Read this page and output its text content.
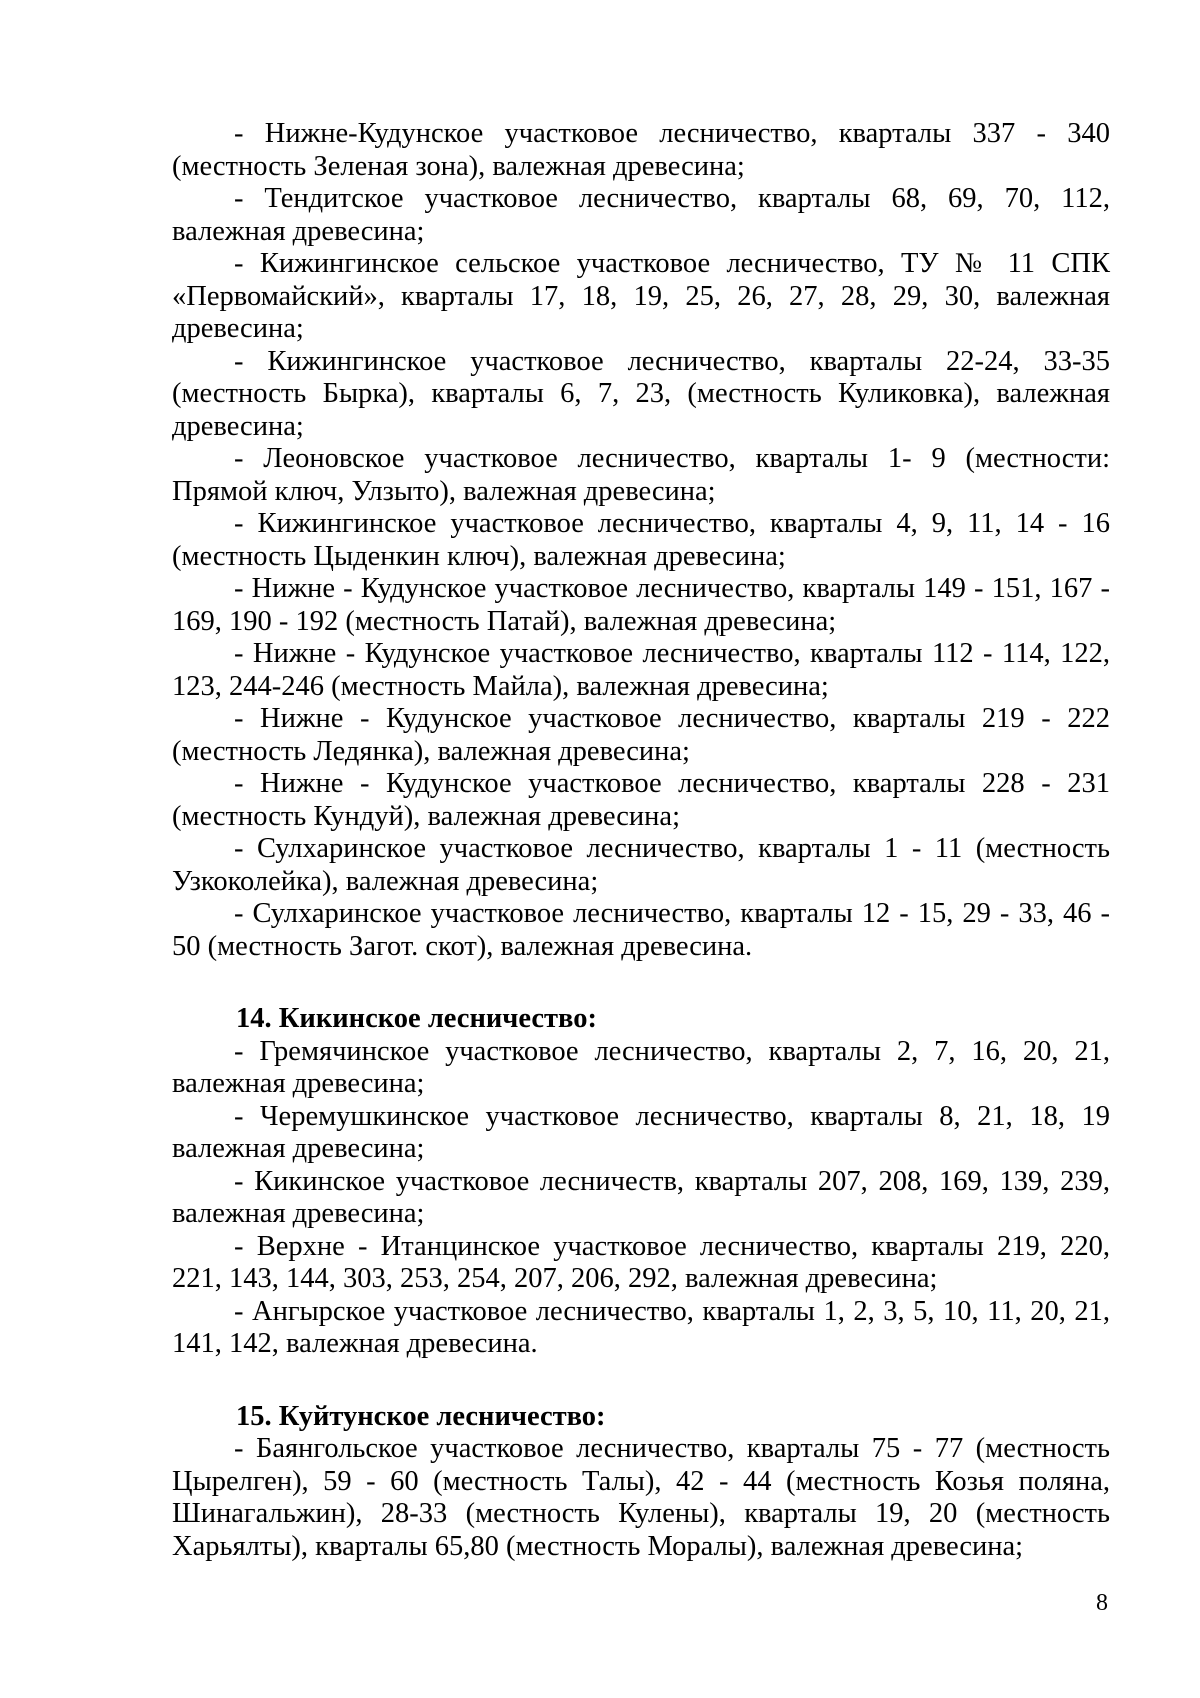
- Нижне-Кудунское участковое лесничество, кварталы 337 - 340 (местность Зеленая зона), валежная древесина;

- Тендитское участковое лесничество, кварталы 68, 69, 70, 112, валежная древесина;

- Кижингинское сельское участковое лесничество, ТУ № 11 СПК «Первомайский», кварталы 17, 18, 19, 25, 26, 27, 28, 29, 30, валежная древесина;

- Кижингинское участковое лесничество, кварталы 22-24, 33-35 (местность Бырка), кварталы 6, 7, 23, (местность Куликовка), валежная древесина;

- Леоновское участковое лесничество, кварталы 1- 9 (местности: Прямой ключ, Улзыто), валежная древесина;

- Кижингинское участковое лесничество, кварталы 4, 9, 11, 14 - 16 (местность Цыденкин ключ), валежная древесина;

- Нижне - Кудунское участковое лесничество, кварталы 149 - 151, 167 - 169, 190 - 192 (местность Патай), валежная древесина;

- Нижне - Кудунское участковое лесничество, кварталы 112 - 114, 122, 123, 244-246 (местность Майла), валежная древесина;

- Нижне - Кудунское участковое лесничество, кварталы 219 - 222 (местность Ледянка), валежная древесина;

- Нижне - Кудунское участковое лесничество, кварталы 228 - 231 (местность Кундуй), валежная древесина;

- Сулхаринское участковое лесничество, кварталы 1 - 11 (местность Узкоколейка), валежная древесина;

- Сулхаринское участковое лесничество, кварталы 12 - 15, 29 - 33, 46 - 50 (местность Загот. скот), валежная древесина.

14. Кикинское лесничество:

- Гремячинское участковое лесничество, кварталы 2, 7, 16, 20, 21, валежная древесина;

- Черемушкинское участковое лесничество, кварталы 8, 21, 18, 19 валежная древесина;

- Кикинское участковое лесничеств, кварталы 207, 208, 169, 139, 239, валежная древесина;

- Верхне - Итанцинское участковое лесничество, кварталы 219, 220, 221, 143, 144, 303, 253, 254, 207, 206, 292, валежная древесина;

- Ангырское участковое лесничество, кварталы 1, 2, 3, 5, 10, 11, 20, 21, 141, 142, валежная древесина.

15. Куйтунское лесничество:

- Баянгольское участковое лесничество, кварталы 75 - 77 (местность Цырелген), 59 - 60 (местность Талы), 42 - 44 (местность Козья поляна, Шинагальжин), 28-33 (местность Кулены), кварталы 19, 20 (местность Харьялты), кварталы 65,80 (местность Моралы), валежная древесина;

8
